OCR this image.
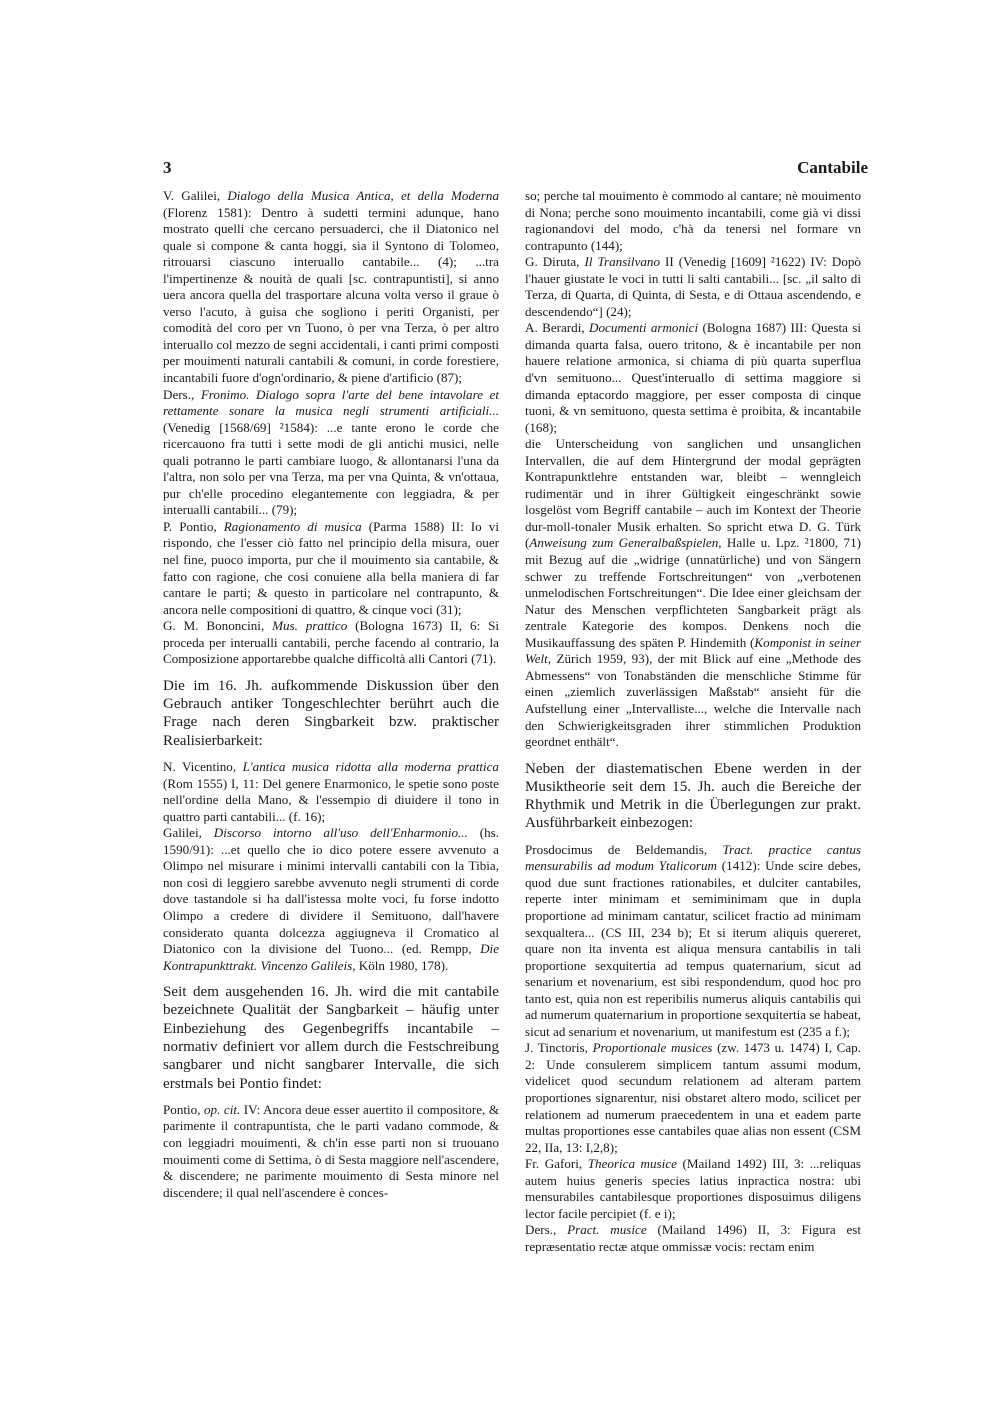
3	Cantabile

V. Galilei, Dialogo della Musica Antica, et della Moderna (Florenz 1581): Dentro à sudetti termini adunque, hano mostrato quelli che cercano persuaderci, che il Diatonico nel quale si compone & canta hoggi, sia il Syntono di Tolomeo, ritrouarsi ciascuno interuallo cantabile... (4); ...tra l'impertinenze & nouità de quali [sc. contrapuntisti], si anno uera ancora quella del trasportare alcuna volta verso il graue ò verso l'acuto, à guisa che sogliono i periti Organisti, per comodità del coro per vn Tuono, ò per vna Terza, ò per altro interuallo col mezzo de segni accidentali, i canti primi composti per mouimenti naturali cantabili & comuni, in corde forestiere, incantabili fuore d'ogn'ordinario, & piene d'artificio (87);

Ders., Fronimo. Dialogo sopra l'arte del bene intavolare et rettamente sonare la musica negli strumenti artificiali... (Venedig [1568/69] ²1584): ...e tante erono le corde che ricercauono fra tutti i sette modi de gli antichi musici, nelle quali potranno le parti cambiare luogo, & allontanarsi l'una da l'altra, non solo per vna Terza, ma per vna Quinta, & vn'ottaua, pur ch'elle procedino elegantemente con leggiadra, & per interualli cantabili... (79);

P. Pontio, Ragionamento di musica (Parma 1588) II: Io vi rispondo, che l'esser ciò fatto nel principio della misura, ouer nel fine, puoco importa, pur che il mouimento sia cantabile, & fatto con ragione, che cosi conuiene alla bella maniera di far cantare le parti; & questo in particolare nel contrapunto, & ancora nelle compositioni di quattro, & cinque voci (31);

G. M. Bononcini, Mus. prattico (Bologna 1673) II, 6: Si proceda per interualli cantabili, perche facendo al contrario, la Composizione apportarebbe qualche difficoltà alli Cantori (71).

Die im 16. Jh. aufkommende Diskussion über den Gebrauch antiker Tongeschlechter berührt auch die Frage nach deren Singbarkeit bzw. praktischer Realisierbarkeit:

N. Vicentino, L'antica musica ridotta alla moderna prattica (Rom 1555) I, 11: Del genere Enarmonico, le spetie sono poste nell'ordine della Mano, & l'essempio di diuidere il tono in quattro parti cantabili... (f. 16);

Galilei, Discorso intorno all'uso dell'Enharmonio... (hs. 1590/91): ...et quello che io dico potere essere avvenuto a Olimpo nel misurare i minimi intervalli cantabili con la Tibia, non così di leggiero sarebbe avvenuto negli strumenti di corde dove tastandole si ha dall'istessa molte voci, fu forse indotto Olimpo a credere di dividere il Semituono, dall'havere considerato quanta dolcezza aggiugneva il Cromatico al Diatonico con la divisione del Tuono... (ed. Rempp, Die Kontrapunkttrakt. Vincenzo Galileis, Köln 1980, 178).

Seit dem ausgehenden 16. Jh. wird die mit cantabile bezeichnete Qualität der Sangbarkeit – häufig unter Einbeziehung des Gegenbegriffs incantabile – normativ definiert vor allem durch die Festschreibung sangbarer und nicht sangbarer Intervalle, die sich erstmals bei Pontio findet:

Pontio, op. cit. IV: Ancora deue esser auertito il compositore, & parimente il contrapuntista, che le parti vadano commode, & con leggiadri mouimenti, & ch'in esse parti non si truouano mouimenti come di Settima, ò di Sesta maggiore nell'ascendere, & discendere; ne parimente mouimento di Sesta minore nel discendere; il qual nell'ascendere è conces-

so; perche tal mouimento è commodo al cantare; nè mouimento di Nona; perche sono mouimento incantabili, come già vi dissi ragionandovi del modo, c'hà da tenersi nel formare vn contrapunto (144);

G. Diruta, Il Transilvano II (Venedig [1609] ²1622) IV: Dopò l'hauer giustate le voci in tutti li salti cantabili... [sc. „il salto di Terza, di Quarta, di Quinta, di Sesta, e di Ottaua ascendendo, e descendendo“] (24);

A. Berardi, Documenti armonici (Bologna 1687) III: Questa si dimanda quarta falsa, ouero tritono, & è incantabile per non hauere relatione armonica, si chiama di più quarta superflua d'vn semituono... Quest'interuallo di settima maggiore si dimanda eptacordo maggiore, per esser composta di cinque tuoni, & vn semituono, questa settima è proibita, & incantabile (168);

die Unterscheidung von sanglichen und unsanglichen Intervallen, die auf dem Hintergrund der modal geprägten Kontrapunktlehre entstanden war, bleibt – wenngleich rudimentär und in ihrer Gültigkeit eingeschränkt sowie losgelöst vom Begriff cantabile – auch im Kontext der Theorie dur-moll-tonaler Musik erhalten. So spricht etwa D. G. Türk (Anweisung zum Generalbaßspielen, Halle u. Lpz. ²1800, 71) mit Bezug auf die „widrige (unnatürliche) und von Sängern schwer zu treffende Fortschreitungen“ von „verbotenen unmelodischen Fortschreitungen“. Die Idee einer gleichsam der Natur des Menschen verpflichteten Sangbarkeit prägt als zentrale Kategorie des kompos. Denkens noch die Musikauffassung des späten P. Hindemith (Komponist in seiner Welt, Zürich 1959, 93), der mit Blick auf eine „Methode des Abmessens“ von Tonabständen die menschliche Stimme für einen „ziemlich zuverlässigen Maßstab“ ansieht für die Aufstellung einer „Intervalliste..., welche die Intervalle nach den Schwierigkeitsgraden ihrer stimmlichen Produktion geordnet enthält“.

Neben der diastematischen Ebene werden in der Musiktheorie seit dem 15. Jh. auch die Bereiche der Rhythmik und Metrik in die Überlegungen zur prakt. Ausführbarkeit einbezogen:

Prosdocimus de Beldemandis, Tract. practice cantus mensurabilis ad modum Ytalicorum (1412): Unde scire debes, quod due sunt fractiones rationabiles, et dulciter cantabiles, reperte inter minimam et semiminimam que in dupla proportione ad minimam cantatur, scilicet fractio ad minimam sexqualtera... (CS III, 234 b); Et si iterum aliquis quereret, quare non ita inventa est aliqua mensura cantabilis in tali proportione sexquitertia ad tempus quaternarium, sicut ad senarium et novenarium, est sibi respondendum, quod hoc pro tanto est, quia non est reperibilis numerus aliquis cantabilis qui ad numerum quaternarium in proportione sexquitertia se habeat, sicut ad senarium et novenarium, ut manifestum est (235 a f.);

J. Tinctoris, Proportionale musices (zw. 1473 u. 1474) I, Cap. 2: Unde consulerem simplicem tantum assumi modum, videlicet quod secundum relationem ad alteram partem proportiones signarentur, nisi obstaret altero modo, scilicet per relationem ad numerum praecedentem in una et eadem parte multas proportiones esse cantabiles quae alias non essent (CSM 22, IIa, 13: I,2,8);

Fr. Gafori, Theorica musice (Mailand 1492) III, 3: ...reliquas autem huius generis species latius inpractica nostra: ubi mensurabiles cantabilesque proportiones disposuimus diligens lector facile percipiet (f. e i);

Ders., Pract. musice (Mailand 1496) II, 3: Figura est repræsentatio rectæ atque ommissæ vocis: rectam enim
